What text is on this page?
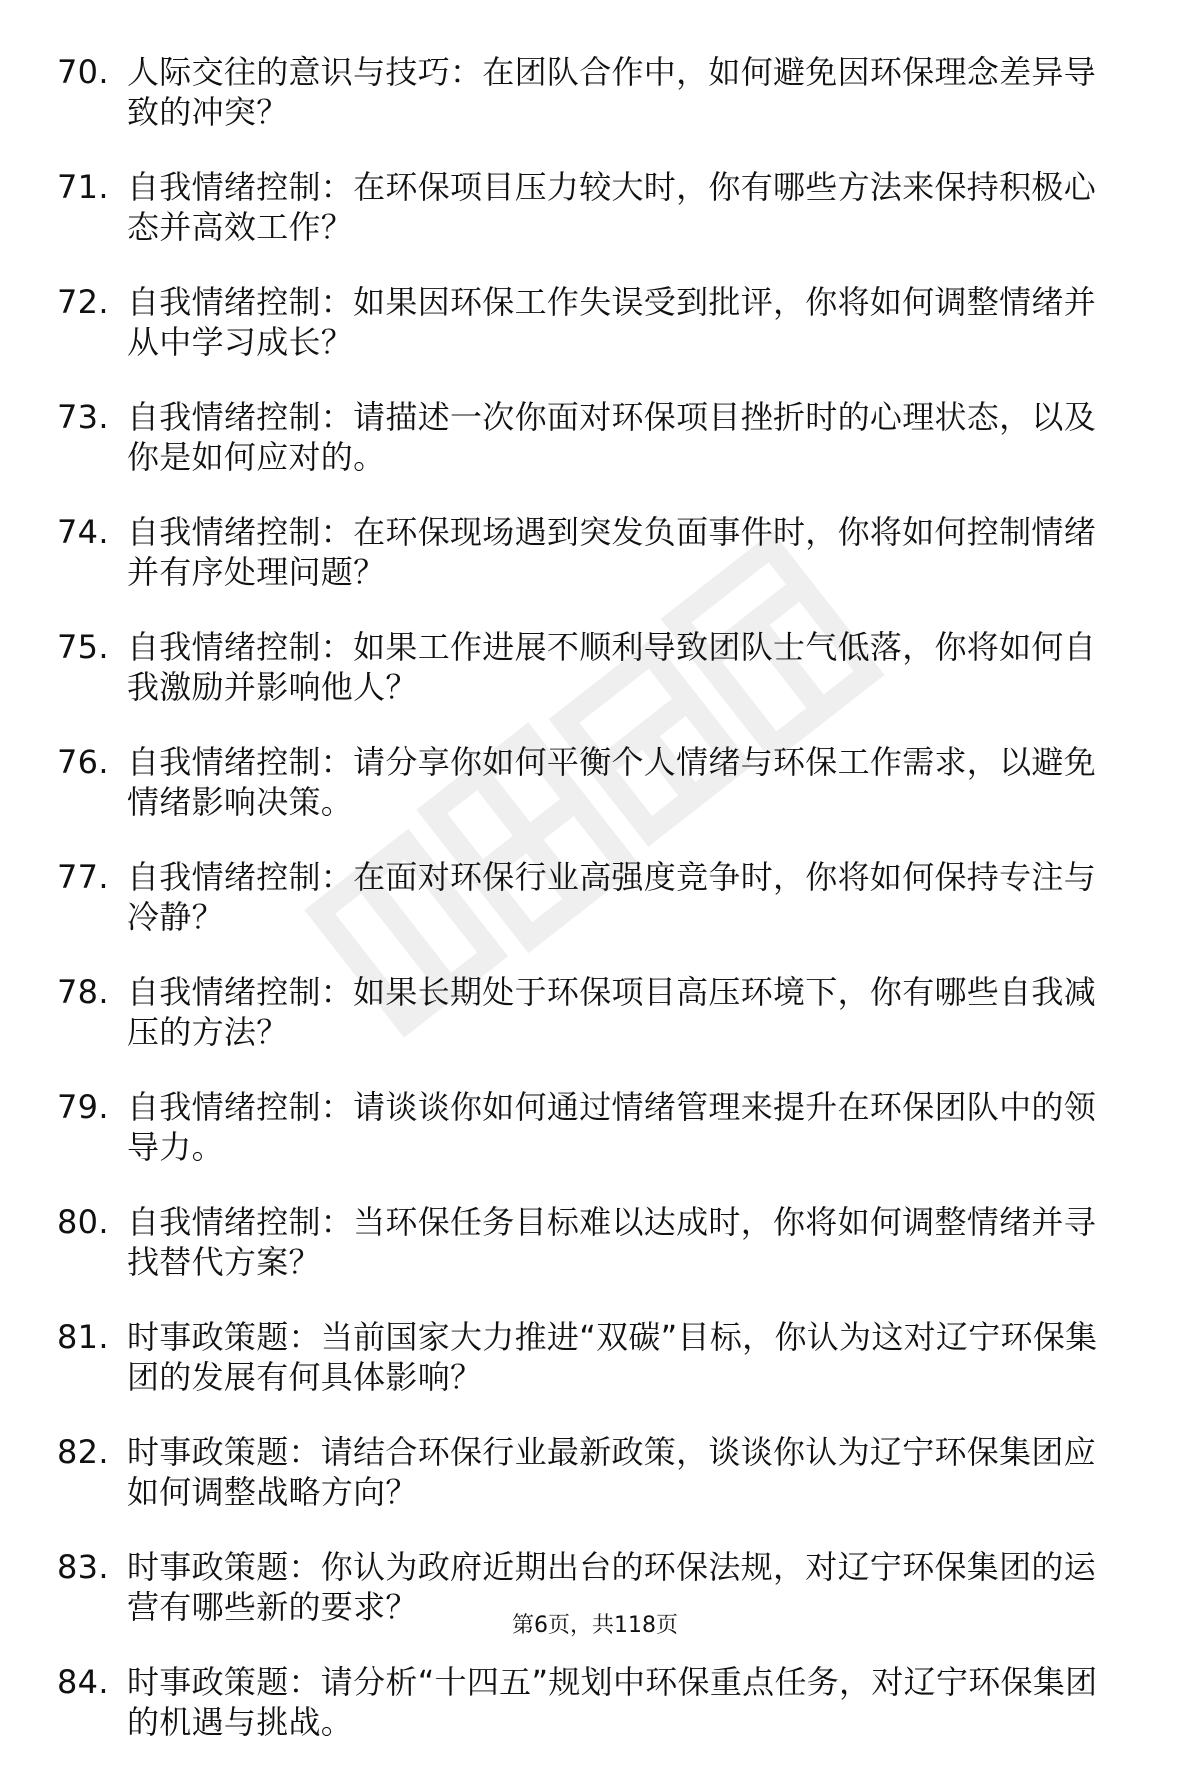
70. 人际交往的意识与技巧：在团队合作中，如何避免因环保理念差异导致的冲突？
71. 自我情绪控制：在环保项目压力较大时，你有哪些方法来保持积极心态并高效工作？
72. 自我情绪控制：如果因环保工作失误受到批评，你将如何调整情绪并从中学习成长？
73. 自我情绪控制：请描述一次你面对环保项目挫折时的心理状态，以及你是如何应对的。
74. 自我情绪控制：在环保现场遇到突发负面事件时，你将如何控制情绪并有序处理问题？
75. 自我情绪控制：如果工作进展不顺利导致团队士气低落，你将如何自我激励并影响他人？
76. 自我情绪控制：请分享你如何平衡个人情绪与环保工作需求，以避免情绪影响决策。
77. 自我情绪控制：在面对环保行业高强度竞争时，你将如何保持专注与冷静？
78. 自我情绪控制：如果长期处于环保项目高压环境下，你有哪些自我减压的方法？
79. 自我情绪控制：请谈谈你如何通过情绪管理来提升在环保团队中的领导力。
80. 自我情绪控制：当环保任务目标难以达成时，你将如何调整情绪并寻找替代方案？
81. 时事政策题：当前国家大力推进“双碳”目标，你认为这对辽宁环保集团的发展有何具体影响？
82. 时事政策题：请结合环保行业最新政策，谈谈你认为辽宁环保集团应如何调整战略方向？
83. 时事政策题：你认为政府近期出台的环保法规，对辽宁环保集团的运营有哪些新的要求？
84. 时事政策题：请分析“十四五”规划中环保重点任务，对辽宁环保集团的机遇与挑战。
第6页，共118页
